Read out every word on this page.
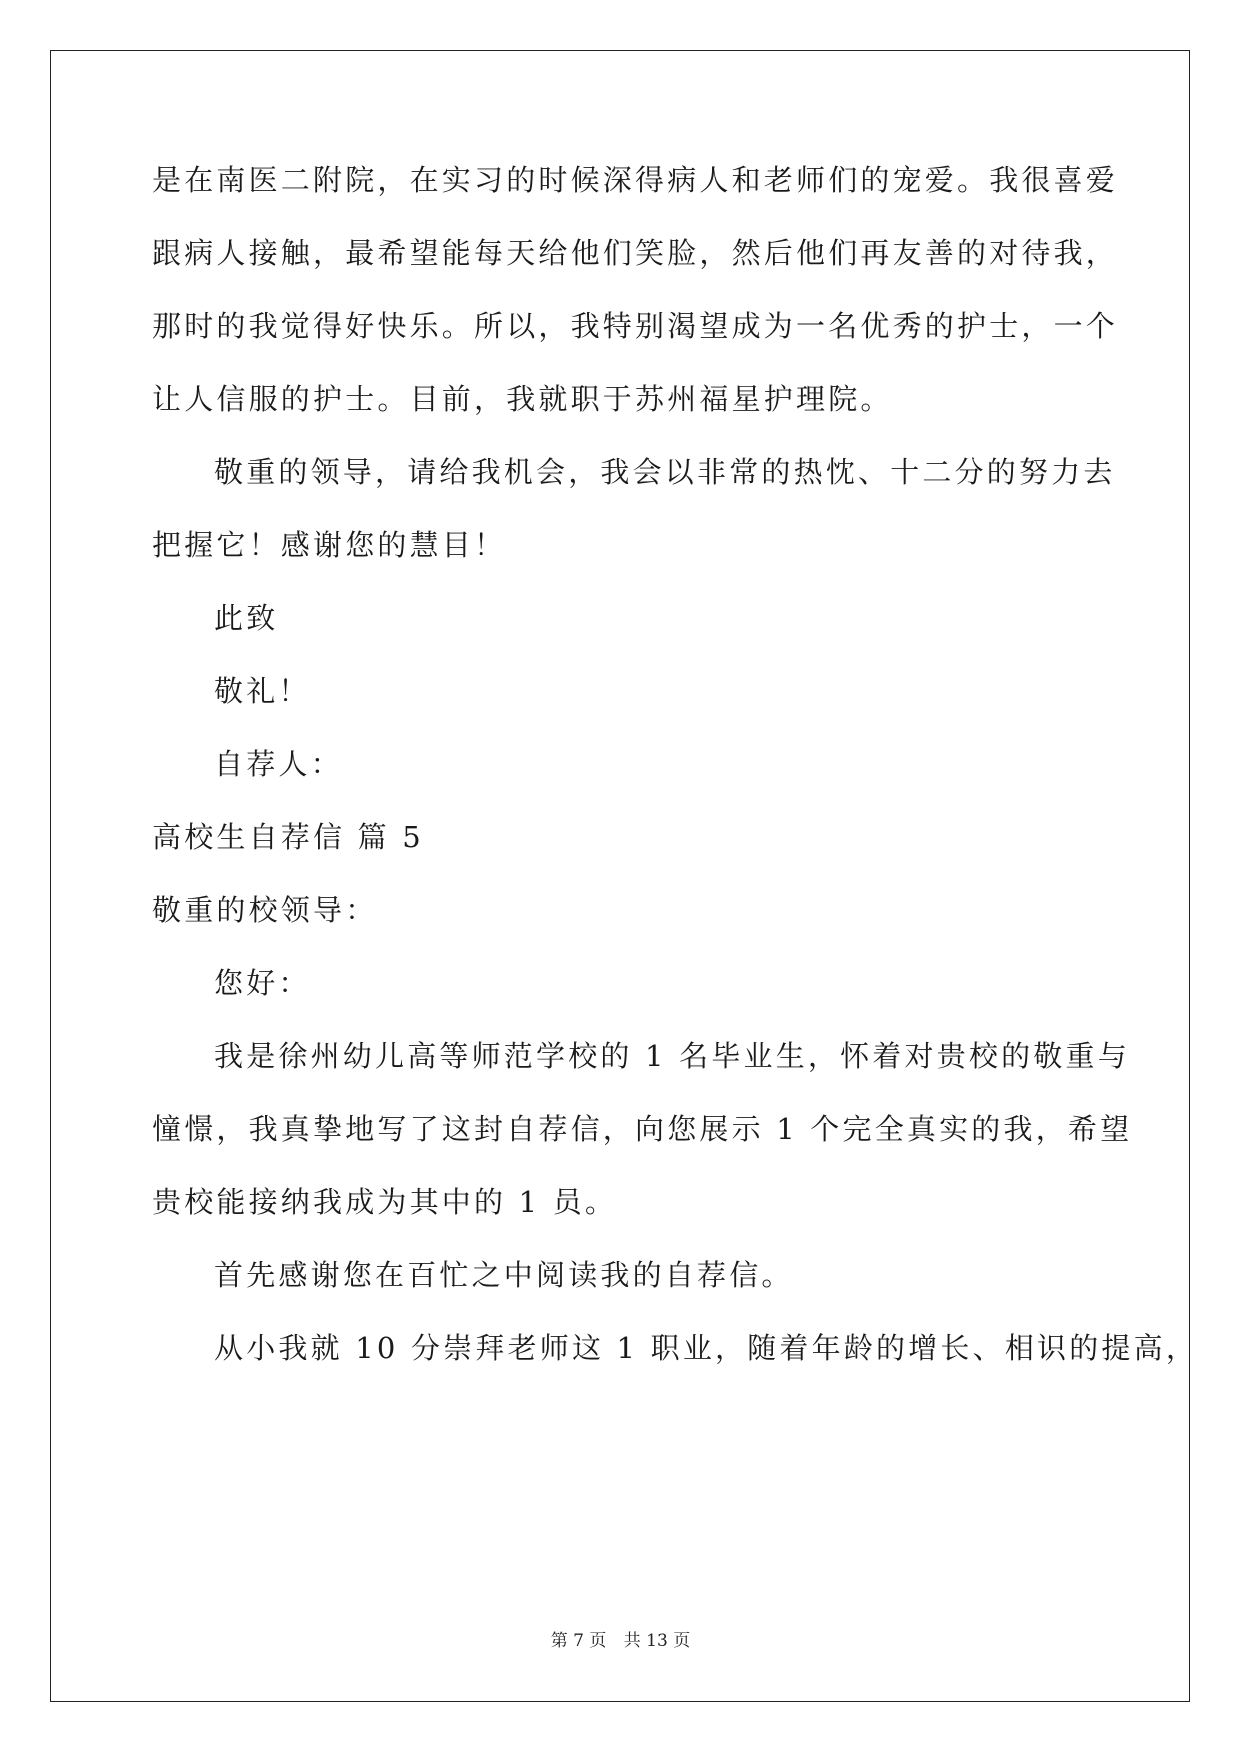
是在南医二附院，在实习的时候深得病人和老师们的宠爱。我很喜爱
跟病人接触，最希望能每天给他们笑脸，然后他们再友善的对待我，
那时的我觉得好快乐。所以，我特别渴望成为一名优秀的护士，一个
让人信服的护士。目前，我就职于苏州福星护理院。
敬重的领导，请给我机会，我会以非常的热忱、十二分的努力去
把握它！感谢您的慧目！
此致
敬礼！
自荐人：
高校生自荐信 篇 5
敬重的校领导：
您好：
我是徐州幼儿高等师范学校的 1 名毕业生，怀着对贵校的敬重与
憧憬，我真挚地写了这封自荐信，向您展示 1 个完全真实的我，希望
贵校能接纳我成为其中的 1 员。
首先感谢您在百忙之中阅读我的自荐信。
从小我就 10 分崇拜老师这 1 职业，随着年龄的增长、相识的提高，
第 7 页 共 13 页
